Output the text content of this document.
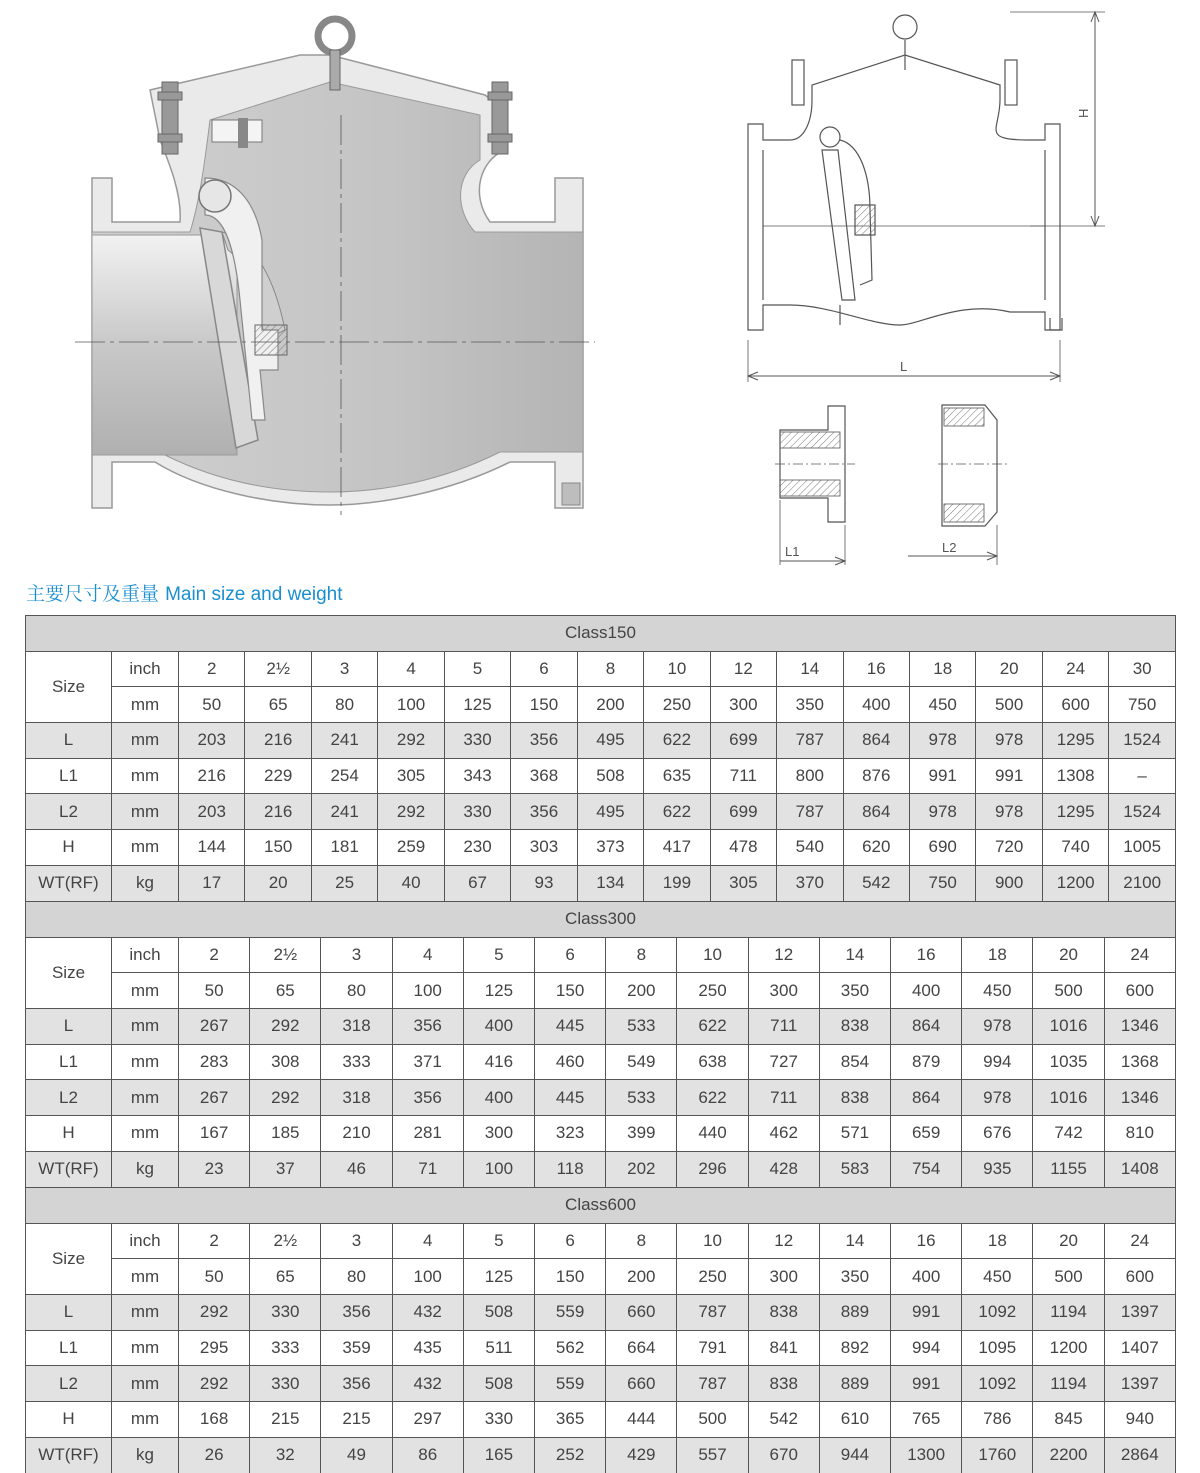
H
L
L1	L2
主要尺寸及重量 Main size and weight
Class150																
Size	inch	2	2½	3	4	5	6	8	10	12	14	16	18	20	24	30
	mm	50	65	80	100	125	150	200	250	300	350	400	450	500	600	750
L	mm	203	216	241	292	330	356	495	622	699	787	864	978	978	1295	1524
L1	mm	216	229	254	305	343	368	508	635	711	800	876	991	991	1308	–
L2	mm	203	216	241	292	330	356	495	622	699	787	864	978	978	1295	1524
H	mm	144	150	181	259	230	303	373	417	478	540	620	690	720	740	1005
WT(RF)	kg	17	20	25	40	67	93	134	199	305	370	542	750	900	1200	2100
Class300															
Size	inch	2	2½	3	4	5	6	8	10	12	14	16	18	20	24
	mm	50	65	80	100	125	150	200	250	300	350	400	450	500	600
L	mm	267	292	318	356	400	445	533	622	711	838	864	978	1016	1346
L1	mm	283	308	333	371	416	460	549	638	727	854	879	994	1035	1368
L2	mm	267	292	318	356	400	445	533	622	711	838	864	978	1016	1346
H	mm	167	185	210	281	300	323	399	440	462	571	659	676	742	810
WT(RF)	kg	23	37	46	71	100	118	202	296	428	583	754	935	1155	1408
Class600															
Size	inch	2	2½	3	4	5	6	8	10	12	14	16	18	20	24
	mm	50	65	80	100	125	150	200	250	300	350	400	450	500	600
L	mm	292	330	356	432	508	559	660	787	838	889	991	1092	1194	1397
L1	mm	295	333	359	435	511	562	664	791	841	892	994	1095	1200	1407
L2	mm	292	330	356	432	508	559	660	787	838	889	991	1092	1194	1397
H	mm	168	215	215	297	330	365	444	500	542	610	765	786	845	940
WT(RF)	kg	26	32	49	86	165	252	429	557	670	944	1300	1760	2200	2864
